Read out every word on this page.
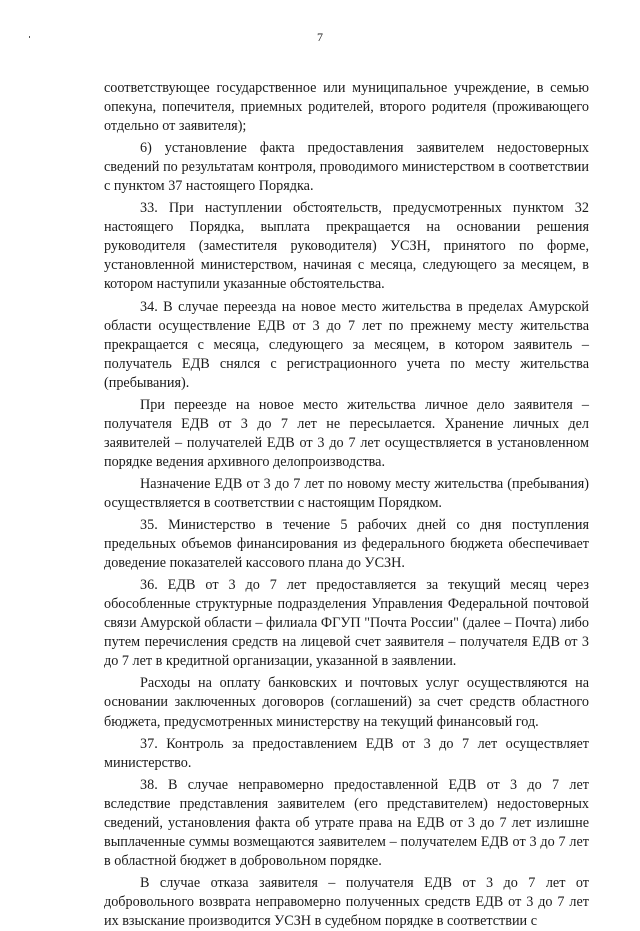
7

соответствующее государственное или муниципальное учреждение, в семью опекуна, попечителя, приемных родителей, второго родителя (проживающего отдельно от заявителя);

6) установление факта предоставления заявителем недостоверных сведений по результатам контроля, проводимого министерством в соответствии с пунктом 37 настоящего Порядка.

33. При наступлении обстоятельств, предусмотренных пунктом 32 настоящего Порядка, выплата прекращается на основании решения руководителя (заместителя руководителя) УСЗН, принятого по форме, установленной министерством, начиная с месяца, следующего за месяцем, в котором наступили указанные обстоятельства.

34. В случае переезда на новое место жительства в пределах Амурской области осуществление ЕДВ от 3 до 7 лет по прежнему месту жительства прекращается с месяца, следующего за месяцем, в котором заявитель – получатель ЕДВ снялся с регистрационного учета по месту жительства (пребывания).

При переезде на новое место жительства личное дело заявителя – получателя ЕДВ от 3 до 7 лет не пересылается. Хранение личных дел заявителей – получателей ЕДВ от 3 до 7 лет осуществляется в установленном порядке ведения архивного делопроизводства.

Назначение ЕДВ от 3 до 7 лет по новому месту жительства (пребывания) осуществляется в соответствии с настоящим Порядком.

35. Министерство в течение 5 рабочих дней со дня поступления предельных объемов финансирования из федерального бюджета обеспечивает доведение показателей кассового плана до УСЗН.

36. ЕДВ от 3 до 7 лет предоставляется за текущий месяц через обособленные структурные подразделения Управления Федеральной почтовой связи Амурской области – филиала ФГУП "Почта России" (далее – Почта) либо путем перечисления средств на лицевой счет заявителя – получателя ЕДВ от 3 до 7 лет в кредитной организации, указанной в заявлении.

Расходы на оплату банковских и почтовых услуг осуществляются на основании заключенных договоров (соглашений) за счет средств областного бюджета, предусмотренных министерству на текущий финансовый год.

37. Контроль за предоставлением ЕДВ от 3 до 7 лет осуществляет министерство.

38. В случае неправомерно предоставленной ЕДВ от 3 до 7 лет вследствие представления заявителем (его представителем) недостоверных сведений, установления факта об утрате права на ЕДВ от 3 до 7 лет излишне выплаченные суммы возмещаются заявителем – получателем ЕДВ от 3 до 7 лет в областной бюджет в добровольном порядке.

В случае отказа заявителя – получателя ЕДВ от 3 до 7 лет от добровольного возврата неправомерно полученных средств ЕДВ от 3 до 7 лет их взыскание производится УСЗН в судебном порядке в соответствии с
